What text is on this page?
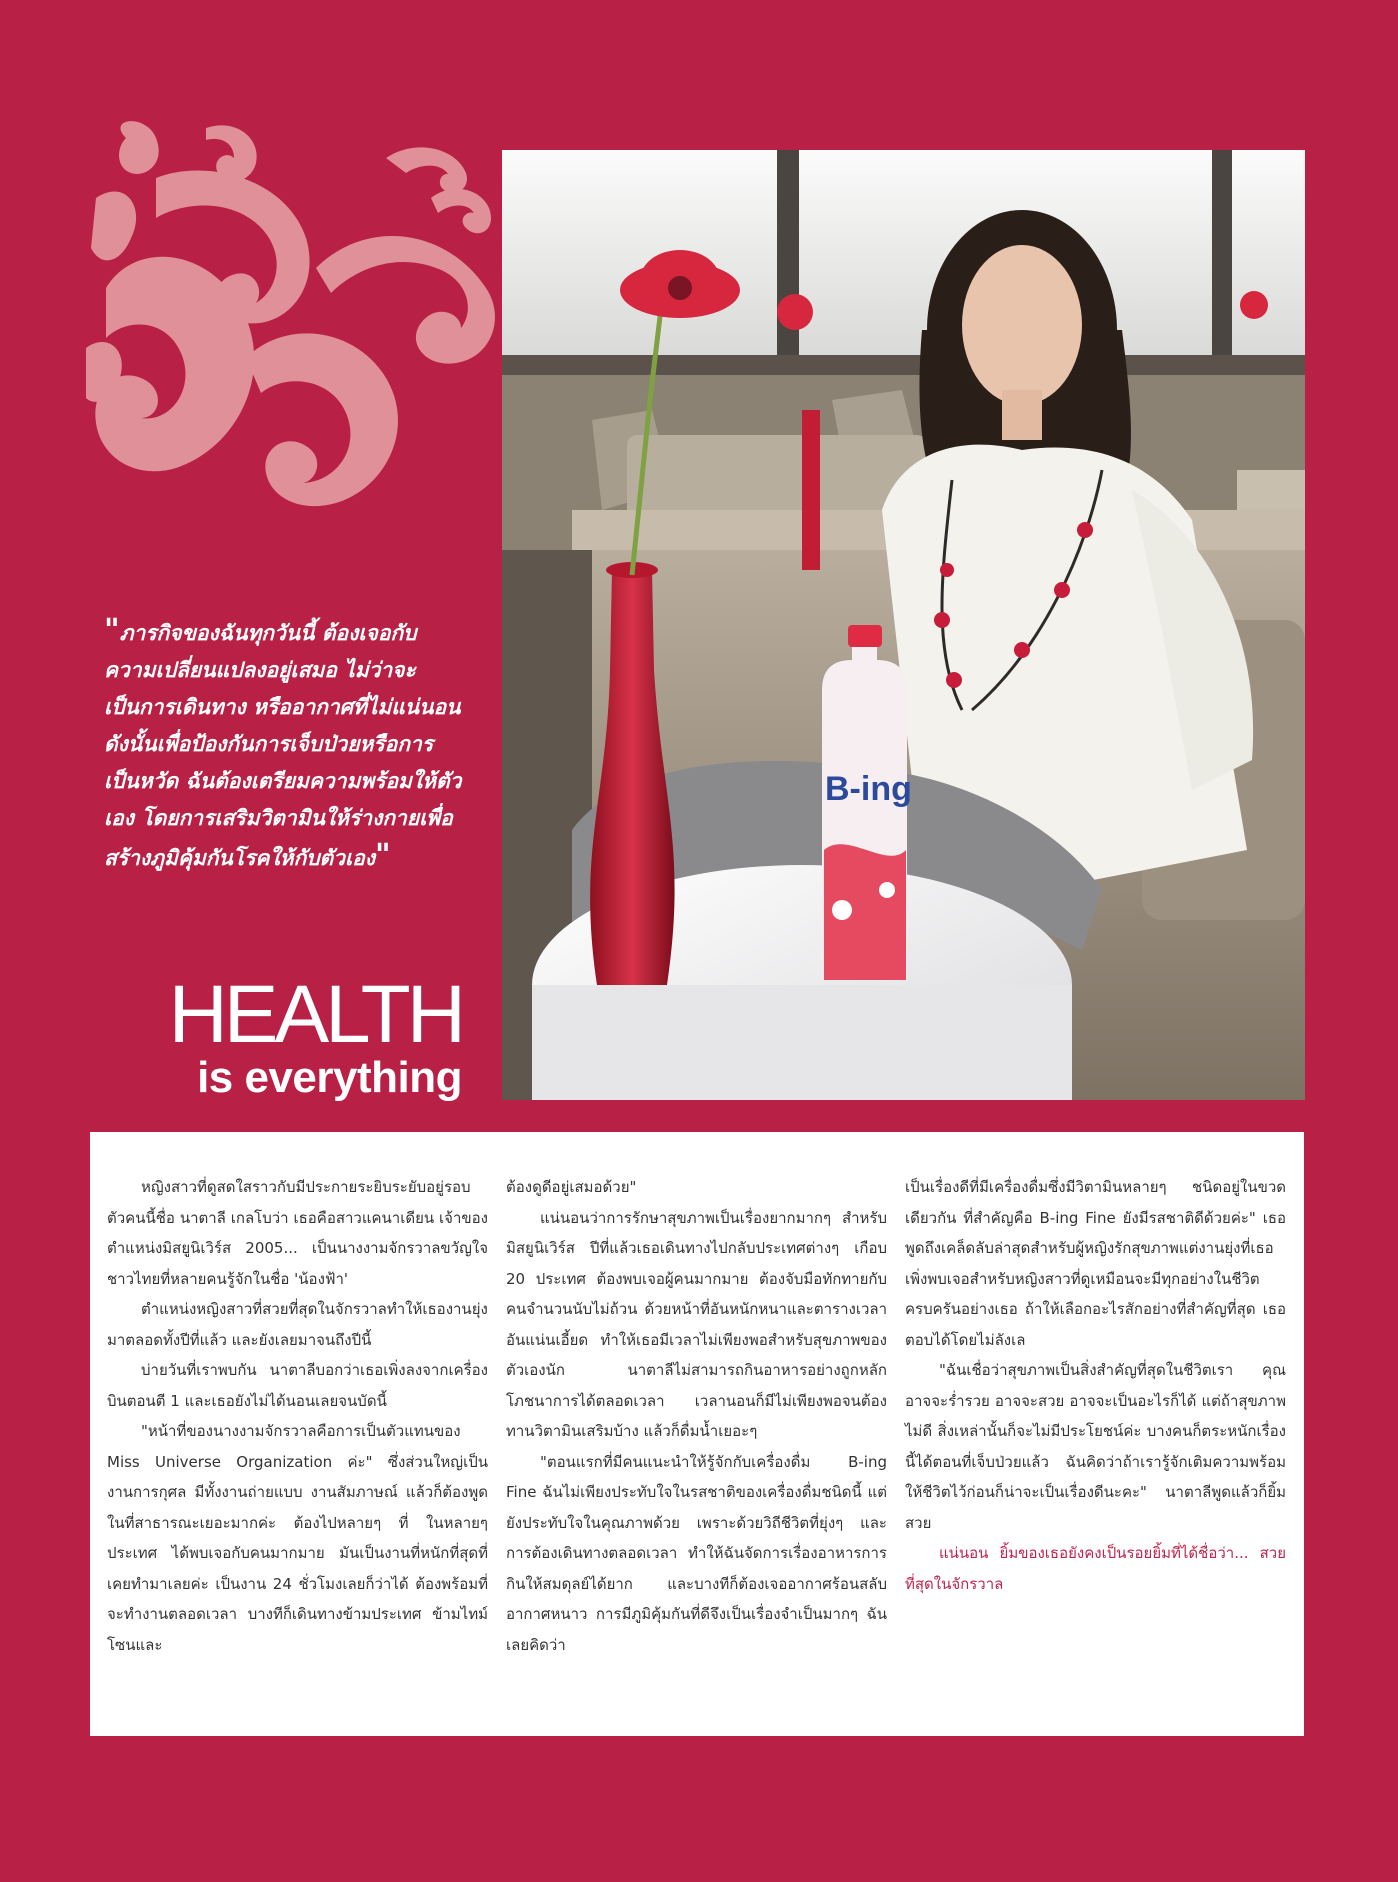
B-ing
"ภารกิจของฉันทุกวันนี้ ต้องเจอกับความเปลี่ยนแปลงอยู่เสมอ ไม่ว่าจะเป็นการเดินทาง หรืออากาศที่ไม่แน่นอน ดังนั้นเพื่อป้องกันการเจ็บป่วยหรือการเป็นหวัด ฉันต้องเตรียมความพร้อมให้ตัวเอง โดยการเสริมวิตามินให้ร่างกายเพื่อสร้างภูมิคุ้มกันโรคให้กับตัวเอง"
HEALTH
is everything

หญิงสาวที่ดูสดใสราวกับมีประกายระยิบระยับอยู่รอบตัวคนนี้ชื่อ นาตาลี เกลโบว่า เธอคือสาวแคนาเดียน เจ้าของตำแหน่งมิสยูนิเวิร์ส 2005... เป็นนางงามจักรวาลขวัญใจชาวไทยที่หลายคนรู้จักในชื่อ 'น้องฟ้า'

ตำแหน่งหญิงสาวที่สวยที่สุดในจักรวาลทำให้เธองานยุ่งมาตลอดทั้งปีที่แล้ว และยังเลยมาจนถึงปีนี้

บ่ายวันที่เราพบกัน นาตาลีบอกว่าเธอเพิ่งลงจากเครื่องบินตอนตี 1 และเธอยังไม่ได้นอนเลยจนบัดนี้

"หน้าที่ของนางงามจักรวาลคือการเป็นตัวแทนของ Miss Universe Organization ค่ะ" ซึ่งส่วนใหญ่เป็นงานการกุศล มีทั้งงานถ่ายแบบ งานสัมภาษณ์ แล้วก็ต้องพูดในที่สาธารณะเยอะมากค่ะ ต้องไปหลายๆ ที่ ในหลายๆ ประเทศ ได้พบเจอกับคนมากมาย มันเป็นงานที่หนักที่สุดที่เคยทำมาเลยค่ะ เป็นงาน 24 ชั่วโมงเลยก็ว่าได้ ต้องพร้อมที่จะทำงานตลอดเวลา บางทีก็เดินทางข้ามประเทศ ข้ามไทม์โซนและ

ต้องดูดีอยู่เสมอด้วย"

แน่นอนว่าการรักษาสุขภาพเป็นเรื่องยากมากๆ สำหรับมิสยูนิเวิร์ส ปีที่แล้วเธอเดินทางไปกลับประเทศต่างๆ เกือบ 20 ประเทศ ต้องพบเจอผู้คนมากมาย ต้องจับมือทักทายกับคนจำนวนนับไม่ถ้วน ด้วยหน้าที่อันหนักหนาและตารางเวลาอันแน่นเอี้ยด ทำให้เธอมีเวลาไม่เพียงพอสำหรับสุขภาพของตัวเองนัก นาตาลีไม่สามารถกินอาหารอย่างถูกหลักโภชนาการได้ตลอดเวลา เวลานอนก็มีไม่เพียงพอจนต้องทานวิตามินเสริมบ้าง แล้วก็ดื่มน้ำเยอะๆ

"ตอนแรกที่มีคนแนะนำให้รู้จักกับเครื่องดื่ม B-ing Fine ฉันไม่เพียงประทับใจในรสชาติของเครื่องดื่มชนิดนี้ แต่ยังประทับใจในคุณภาพด้วย เพราะด้วยวิถีชีวิตที่ยุ่งๆ และการต้องเดินทางตลอดเวลา ทำให้ฉันจัดการเรื่องอาหารการกินให้สมดุลย์ได้ยาก และบางทีก็ต้องเจออากาศร้อนสลับอากาศหนาว การมีภูมิคุ้มกันที่ดีจึงเป็นเรื่องจำเป็นมากๆ ฉันเลยคิดว่า

เป็นเรื่องดีที่มีเครื่องดื่มซึ่งมีวิตามินหลายๆ ชนิดอยู่ในขวดเดียวกัน ที่สำคัญคือ B-ing Fine ยังมีรสชาติดีด้วยค่ะ" เธอพูดถึงเคล็ดลับล่าสุดสำหรับผู้หญิงรักสุขภาพแต่งานยุ่งที่เธอเพิ่งพบเจอสำหรับหญิงสาวที่ดูเหมือนจะมีทุกอย่างในชีวิตครบครันอย่างเธอ ถ้าให้เลือกอะไรสักอย่างที่สำคัญที่สุด เธอตอบได้โดยไม่ลังเล

"ฉันเชื่อว่าสุขภาพเป็นสิ่งสำคัญที่สุดในชีวิตเรา คุณอาจจะร่ำรวย อาจจะสวย อาจจะเป็นอะไรก็ได้ แต่ถ้าสุขภาพไม่ดี สิ่งเหล่านั้นก็จะไม่มีประโยชน์ค่ะ บางคนก็ตระหนักเรื่องนี้ได้ตอนที่เจ็บป่วยแล้ว ฉันคิดว่าถ้าเรารู้จักเติมความพร้อมให้ชีวิตไว้ก่อนก็น่าจะเป็นเรื่องดีนะคะ" นาตาลีพูดแล้วก็ยิ้มสวย

แน่นอน ยิ้มของเธอยังคงเป็นรอยยิ้มที่ได้ชื่อว่า... สวยที่สุดในจักรวาล
